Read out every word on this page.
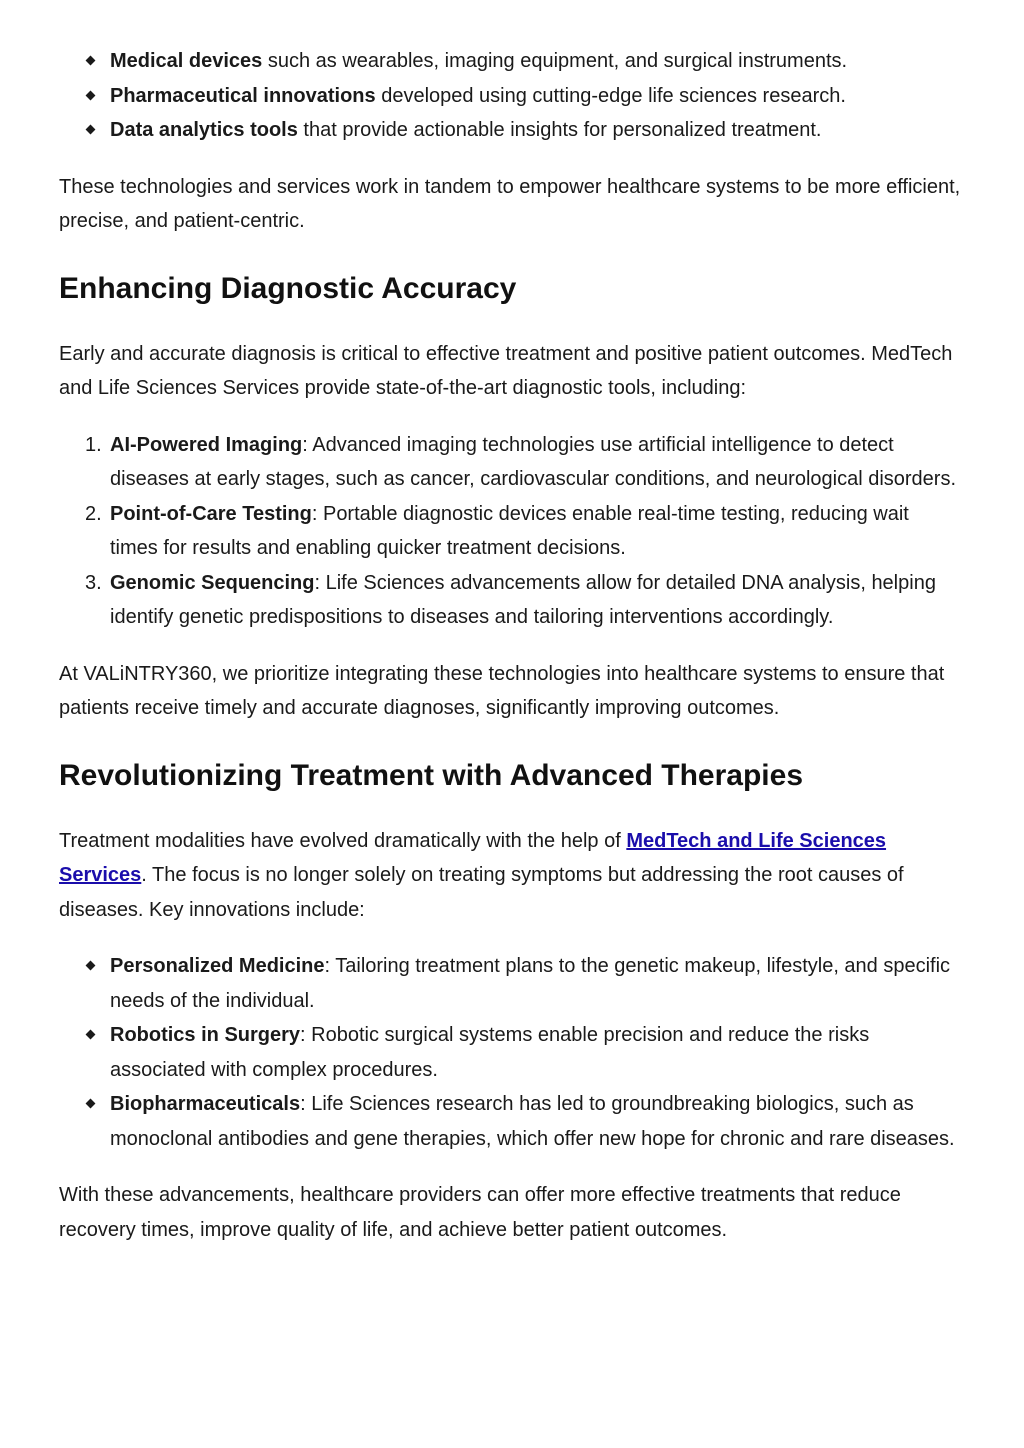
Medical devices such as wearables, imaging equipment, and surgical instruments.
Pharmaceutical innovations developed using cutting-edge life sciences research.
Data analytics tools that provide actionable insights for personalized treatment.

These technologies and services work in tandem to empower healthcare systems to be more efficient, precise, and patient-centric.

Enhancing Diagnostic Accuracy

Early and accurate diagnosis is critical to effective treatment and positive patient outcomes. MedTech and Life Sciences Services provide state-of-the-art diagnostic tools, including:

1. AI-Powered Imaging: Advanced imaging technologies use artificial intelligence to detect diseases at early stages, such as cancer, cardiovascular conditions, and neurological disorders.
2. Point-of-Care Testing: Portable diagnostic devices enable real-time testing, reducing wait times for results and enabling quicker treatment decisions.
3. Genomic Sequencing: Life Sciences advancements allow for detailed DNA analysis, helping identify genetic predispositions to diseases and tailoring interventions accordingly.

At VALiNTRY360, we prioritize integrating these technologies into healthcare systems to ensure that patients receive timely and accurate diagnoses, significantly improving outcomes.

Revolutionizing Treatment with Advanced Therapies

Treatment modalities have evolved dramatically with the help of MedTech and Life Sciences Services. The focus is no longer solely on treating symptoms but addressing the root causes of diseases. Key innovations include:

Personalized Medicine: Tailoring treatment plans to the genetic makeup, lifestyle, and specific needs of the individual.
Robotics in Surgery: Robotic surgical systems enable precision and reduce the risks associated with complex procedures.
Biopharmaceuticals: Life Sciences research has led to groundbreaking biologics, such as monoclonal antibodies and gene therapies, which offer new hope for chronic and rare diseases.

With these advancements, healthcare providers can offer more effective treatments that reduce recovery times, improve quality of life, and achieve better patient outcomes.
